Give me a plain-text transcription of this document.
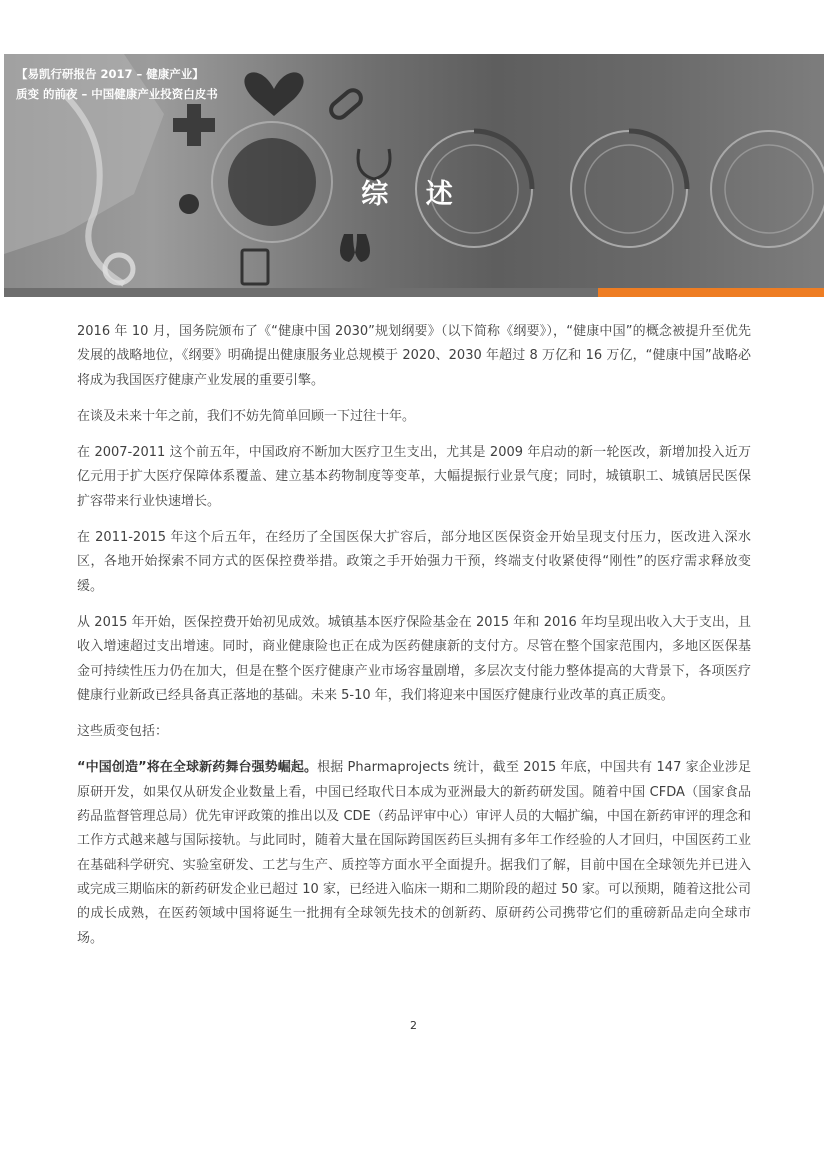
【易凯行研报告 2017 – 健康产业】
质变 的前夜 – 中国健康产业投资白皮书
综 述

2016 年 10 月，国务院颁布了《“健康中国 2030”规划纲要》（以下简称《纲要》），“健康中国”的概念被提升至优先发展的战略地位，《纲要》明确提出健康服务业总规模于 2020、2030 年超过 8 万亿和 16 万亿，“健康中国”战略必将成为我国医疗健康产业发展的重要引擎。

在谈及未来十年之前，我们不妨先简单回顾一下过往十年。

在 2007-2011 这个前五年，中国政府不断加大医疗卫生支出，尤其是 2009 年启动的新一轮医改，新增加投入近万亿元用于扩大医疗保障体系覆盖、建立基本药物制度等变革，大幅提振行业景气度；同时，城镇职工、城镇居民医保扩容带来行业快速增长。

在 2011-2015 年这个后五年，在经历了全国医保大扩容后，部分地区医保资金开始呈现支付压力，医改进入深水区，各地开始探索不同方式的医保控费举措。政策之手开始强力干预，终端支付收紧使得“刚性”的医疗需求释放变缓。

从 2015 年开始，医保控费开始初见成效。城镇基本医疗保险基金在 2015 年和 2016 年均呈现出收入大于支出，且收入增速超过支出增速。同时，商业健康险也正在成为医药健康新的支付方。尽管在整个国家范围内，多地区医保基金可持续性压力仍在加大，但是在整个医疗健康产业市场容量剧增，多层次支付能力整体提高的大背景下，各项医疗健康行业新政已经具备真正落地的基础。未来 5-10 年，我们将迎来中国医疗健康行业改革的真正质变。

这些质变包括：

“中国创造”将在全球新药舞台强势崛起。根据 Pharmaprojects 统计，截至 2015 年底，中国共有 147 家企业涉足原研开发，如果仅从研发企业数量上看，中国已经取代日本成为亚洲最大的新药研发国。随着中国 CFDA（国家食品药品监督管理总局）优先审评政策的推出以及 CDE（药品评审中心）审评人员的大幅扩编，中国在新药审评的理念和工作方式越来越与国际接轨。与此同时，随着大量在国际跨国医药巨头拥有多年工作经验的人才回归，中国医药工业在基础科学研究、实验室研发、工艺与生产、质控等方面水平全面提升。据我们了解，目前中国在全球领先并已进入或完成三期临床的新药研发企业已超过 10 家，已经进入临床一期和二期阶段的超过 50 家。可以预期，随着这批公司的成长成熟，在医药领域中国将诞生一批拥有全球领先技术的创新药、原研药公司携带它们的重磅新品走向全球市场。

2
